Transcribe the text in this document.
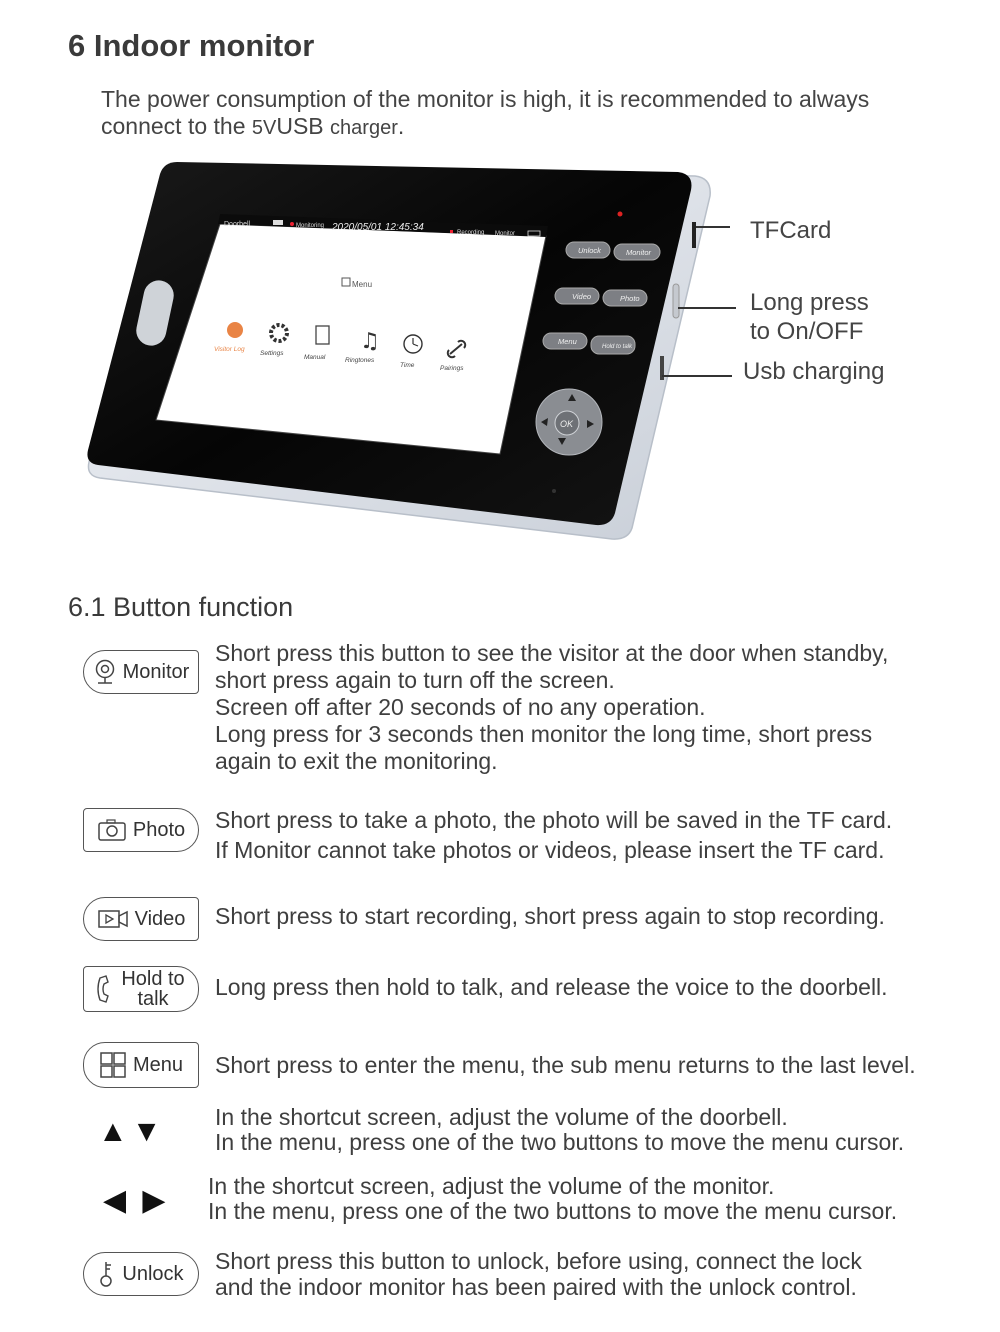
6 Indoor monitor
The power consumption of the monitor is high, it is recommended to always
connect to the 5VUSB charger.
Doorbell	Monitoring 2020/05/01 12:45:34	Recording Monitor
Menu
Visitor Log
Settings
Manual
♫
Ringtones
Time	Pairings
Unlock	Monitor
Video	Photo
Menu
Hold to talk
OK
TFCard
Long press
to On/OFF
Usb charging
6.1 Button function
Monitor
Short press this button to see the visitor at the door when standby,
short press again to turn off the screen.
Screen off after 20 seconds of no any operation.
Long press for 3 seconds then monitor the long time, short press
again to exit the monitoring.
Photo Short press to take a photo, the photo will be saved in the TF card.
If Monitor cannot take photos or videos, please insert the TF card.
Video Short press to start recording, short press again to stop recording.
Hold to talk	Long press then hold to talk, and release the voice to the doorbell.
Menu Short press to enter the menu, the sub menu returns to the last level.
▲▼ In the shortcut screen, adjust the volume of the doorbell.
In the menu, press one of the two buttons to move the menu cursor.
◀ ▶ In the shortcut screen, adjust the volume of the monitor.
In the menu, press one of the two buttons to move the menu cursor.
Unlock Short press this button to unlock, before using, connect the lock
and the indoor monitor has been paired with the unlock control.
